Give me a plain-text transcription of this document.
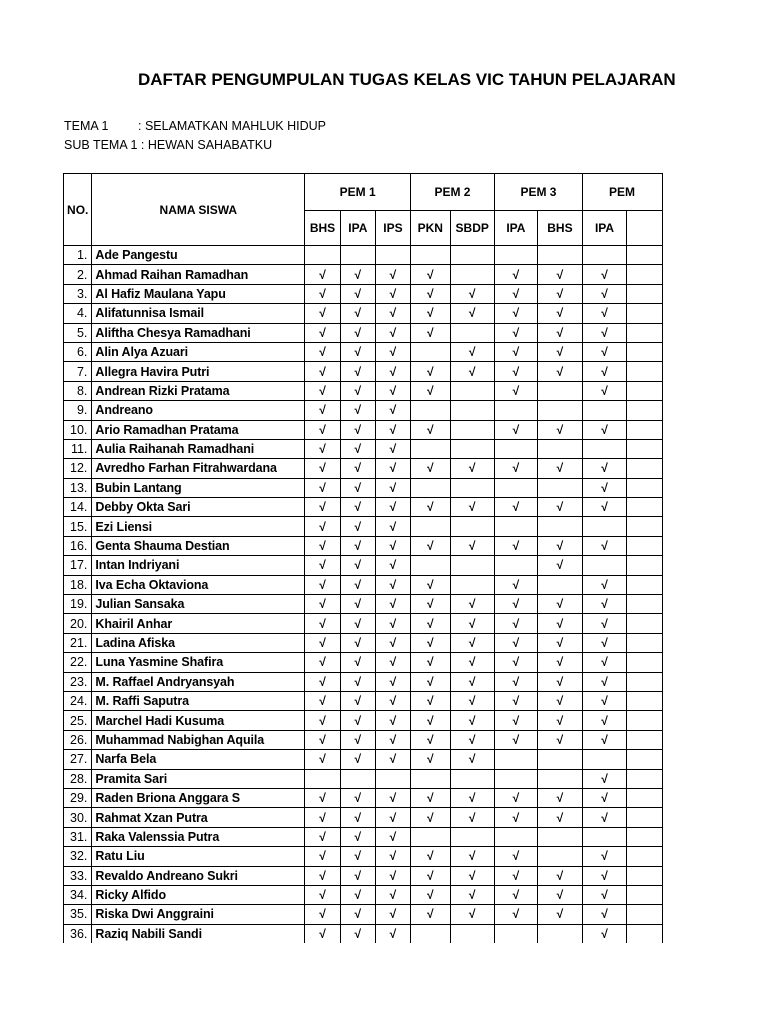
DAFTAR PENGUMPULAN TUGAS KELAS VIC TAHUN PELAJARAN
TEMA 1 : SELAMATKAN MAHLUK HIDUP
SUB TEMA 1 : HEWAN SAHABATKU
NO.	NAMA SISWA	PEM 1			PEM 2		PEM 3		PEM	
		BHS	IPA	IPS	PKN	SBDP	IPA	BHS	IPA	
1.	Ade Pangestu									
2.	Ahmad Raihan Ramadhan	√	√	√	√		√	√	√	
3.	Al Hafiz Maulana Yapu	√	√	√	√	√	√	√	√	
4.	Alifatunnisa Ismail	√	√	√	√	√	√	√	√	
5.	Aliftha Chesya Ramadhani	√	√	√	√		√	√	√	
6.	Alin Alya Azuari	√	√	√		√	√	√	√	
7.	Allegra Havira Putri	√	√	√	√	√	√	√	√	
8.	Andrean Rizki Pratama	√	√	√	√		√		√	
9.	Andreano	√	√	√						
10.	Ario Ramadhan Pratama	√	√	√	√		√	√	√	
11.	Aulia Raihanah Ramadhani	√	√	√						
12.	Avredho Farhan Fitrahwardana	√	√	√	√	√	√	√	√	
13.	Bubin Lantang	√	√	√					√	
14.	Debby Okta Sari	√	√	√	√	√	√	√	√	
15.	Ezi Liensi	√	√	√						
16.	Genta Shauma Destian	√	√	√	√	√	√	√	√	
17.	Intan Indriyani	√	√	√				√		
18.	Iva Echa Oktaviona	√	√	√	√		√		√	
19.	Julian Sansaka	√	√	√	√	√	√	√	√	
20.	Khairil Anhar	√	√	√	√	√	√	√	√	
21.	Ladina Afiska	√	√	√	√	√	√	√	√	
22.	Luna Yasmine Shafira	√	√	√	√	√	√	√	√	
23.	M. Raffael Andryansyah	√	√	√	√	√	√	√	√	
24.	M. Raffi Saputra	√	√	√	√	√	√	√	√	
25.	Marchel Hadi Kusuma	√	√	√	√	√	√	√	√	
26.	Muhammad Nabighan Aquila	√	√	√	√	√	√	√	√	
27.	Narfa Bela	√	√	√	√	√				
28.	Pramita Sari								√	
29.	Raden Briona Anggara S	√	√	√	√	√	√	√	√	
30.	Rahmat Xzan Putra	√	√	√	√	√	√	√	√	
31.	Raka Valenssia Putra	√	√	√						
32.	Ratu Liu	√	√	√	√	√	√		√	
33.	Revaldo Andreano Sukri	√	√	√	√	√	√	√	√	
34.	Ricky Alfido	√	√	√	√	√	√	√	√	
35.	Riska Dwi Anggraini	√	√	√	√	√	√	√	√	
36.	Raziq Nabili Sandi	√	√	√					√	
